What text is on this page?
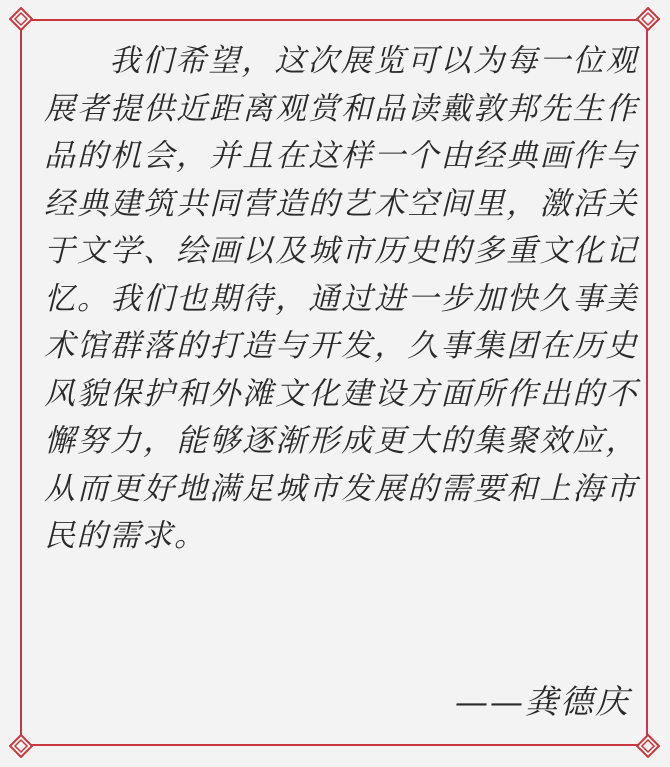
我们希望，这次展览可以为每一位观展者提供近距离观赏和品读戴敦邦先生作品的机会，并且在这样一个由经典画作与经典建筑共同营造的艺术空间里，激活关于文学、绘画以及城市历史的多重文化记忆。我们也期待，通过进一步加快久事美术馆群落的打造与开发，久事集团在历史风貌保护和外滩文化建设方面所作出的不懈努力，能够逐渐形成更大的集聚效应，从而更好地满足城市发展的需要和上海市民的需求。

——龚德庆
